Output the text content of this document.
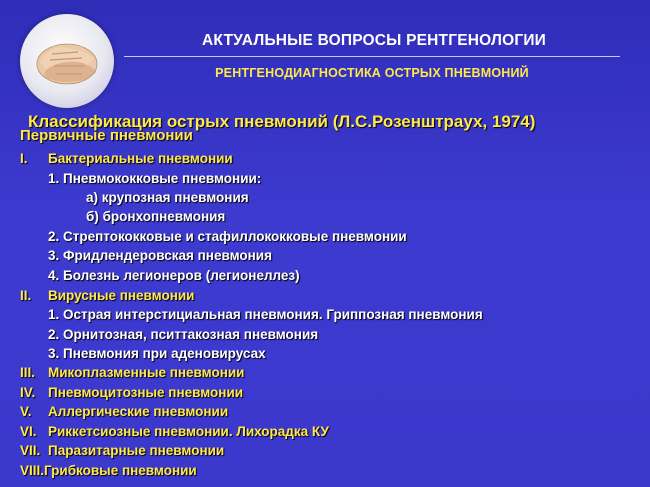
АКТУАЛЬНЫЕ ВОПРОСЫ РЕНТГЕНОЛОГИИ
РЕНТГЕНОДИАГНОСТИКА ОСТРЫХ ПНЕВМОНИЙ
Классификация острых пневмоний (Л.С.Розенштраух, 1974)
Первичные пневмонии
I. Бактериальные пневмонии
1. Пневмококковые пневмонии:
а) крупозная пневмония
б) бронхопневмония
2. Стрептококковые и стафиллококковые пневмонии
3. Фридлендеровская пневмония
4. Болезнь легионеров (легионеллез)
II. Вирусные пневмонии
1. Острая интерстициальная пневмония. Гриппозная пневмония
2. Орнитозная, пситтакозная пневмония
3. Пневмония при аденовирусах
III. Микоплазменные пневмонии
IV. Пневмоцитозные пневмонии
V. Аллергические пневмонии
VI. Риккетсиозные пневмонии. Лихорадка КУ
VII. Паразитарные пневмонии
VIII.Грибковые пневмонии
